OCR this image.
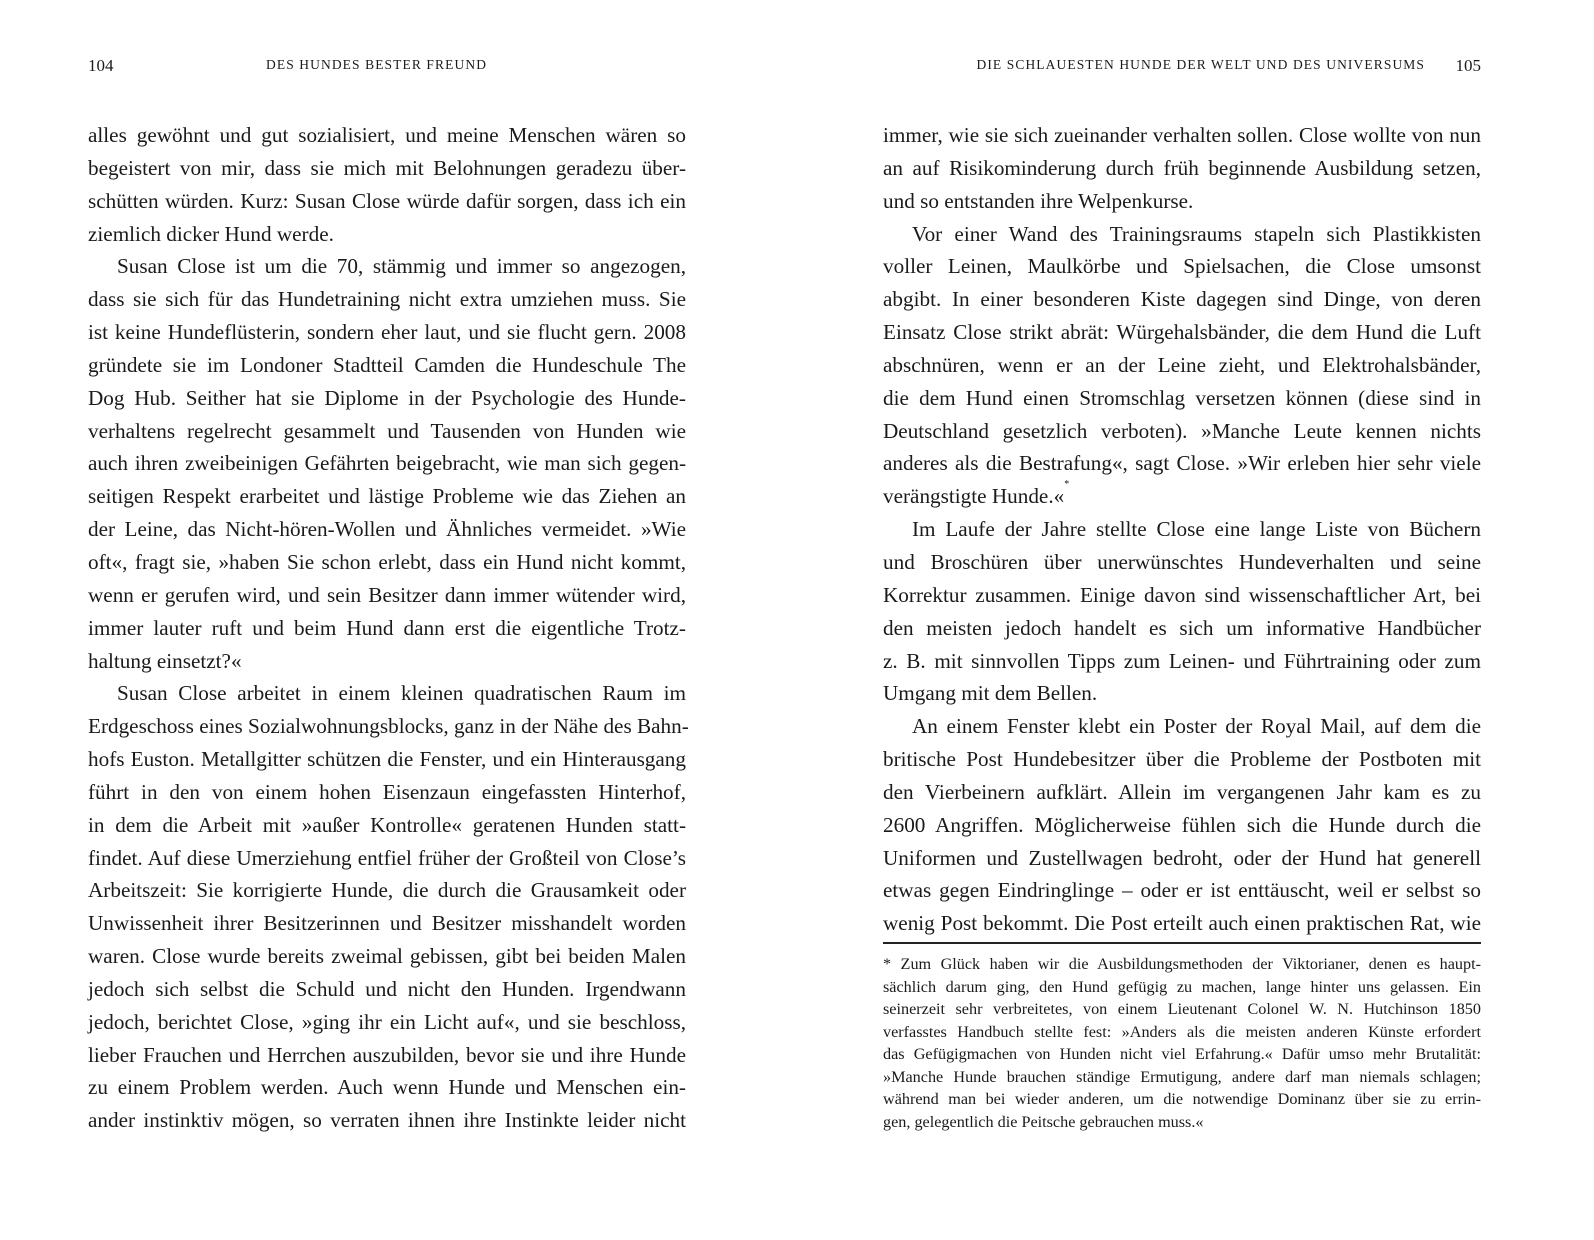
104	DES HUNDES BESTER FREUND
alles gewöhnt und gut sozialisiert, und meine Menschen wären so
begeistert von mir, dass sie mich mit Belohnungen geradezu über-
schütten würden. Kurz: Susan Close würde dafür sorgen, dass ich ein
ziemlich dicker Hund werde.
Susan Close ist um die 70, stämmig und immer so angezogen,
dass sie sich für das Hundetraining nicht extra umziehen muss. Sie
ist keine Hundeflüsterin, sondern eher laut, und sie flucht gern. 2008
gründete sie im Londoner Stadtteil Camden die Hundeschule The
Dog Hub. Seither hat sie Diplome in der Psychologie des Hunde-
verhaltens regelrecht gesammelt und Tausenden von Hunden wie
auch ihren zweibeinigen Gefährten beigebracht, wie man sich gegen-
seitigen Respekt erarbeitet und lästige Probleme wie das Ziehen an
der Leine, das Nicht-hören-Wollen und Ähnliches vermeidet. »Wie
oft«, fragt sie, »haben Sie schon erlebt, dass ein Hund nicht kommt,
wenn er gerufen wird, und sein Besitzer dann immer wütender wird,
immer lauter ruft und beim Hund dann erst die eigentliche Trotz-
haltung einsetzt?«
Susan Close arbeitet in einem kleinen quadratischen Raum im
Erdgeschoss eines Sozialwohnungsblocks, ganz in der Nähe des Bahn-
hofs Euston. Metallgitter schützen die Fenster, und ein Hinterausgang
führt in den von einem hohen Eisenzaun eingefassten Hinterhof,
in dem die Arbeit mit »außer Kontrolle« geratenen Hunden statt-
findet. Auf diese Umerziehung entfiel früher der Großteil von Close’s
Arbeitszeit: Sie korrigierte Hunde, die durch die Grausamkeit oder
Unwissenheit ihrer Besitzerinnen und Besitzer misshandelt worden
waren. Close wurde bereits zweimal gebissen, gibt bei beiden Malen
jedoch sich selbst die Schuld und nicht den Hunden. Irgendwann
jedoch, berichtet Close, »ging ihr ein Licht auf«, und sie beschloss,
lieber Frauchen und Herrchen auszubilden, bevor sie und ihre Hunde
zu einem Problem werden. Auch wenn Hunde und Menschen ein-
ander instinktiv mögen, so verraten ihnen ihre Instinkte leider nicht
DIE SCHLAUESTEN HUNDE DER WELT UND DES UNIVERSUMS 105
immer, wie sie sich zueinander verhalten sollen. Close wollte von nun
an auf Risikominderung durch früh beginnende Ausbildung setzen,
und so entstanden ihre Welpenkurse.
Vor einer Wand des Trainingsraums stapeln sich Plastikkisten
voller Leinen, Maulkörbe und Spielsachen, die Close umsonst
abgibt. In einer besonderen Kiste dagegen sind Dinge, von deren
Einsatz Close strikt abrät: Würgehalsbänder, die dem Hund die Luft
abschnüren, wenn er an der Leine zieht, und Elektrohalsbänder,
die dem Hund einen Stromschlag versetzen können (diese sind in
Deutschland gesetzlich verboten). »Manche Leute kennen nichts
anderes als die Bestrafung«, sagt Close. »Wir erleben hier sehr viele
verängstigte Hunde.«*
Im Laufe der Jahre stellte Close eine lange Liste von Büchern
und Broschüren über unerwünschtes Hundeverhalten und seine
Korrektur zusammen. Einige davon sind wissenschaftlicher Art, bei
den meisten jedoch handelt es sich um informative Handbücher
z. B. mit sinnvollen Tipps zum Leinen- und Führtraining oder zum
Umgang mit dem Bellen.
An einem Fenster klebt ein Poster der Royal Mail, auf dem die
britische Post Hundebesitzer über die Probleme der Postboten mit
den Vierbeinern aufklärt. Allein im vergangenen Jahr kam es zu
2600 Angriffen. Möglicherweise fühlen sich die Hunde durch die
Uniformen und Zustellwagen bedroht, oder der Hund hat generell
etwas gegen Eindringlinge – oder er ist enttäuscht, weil er selbst so
wenig Post bekommt. Die Post erteilt auch einen praktischen Rat, wie
* Zum Glück haben wir die Ausbildungsmethoden der Viktorianer, denen es haupt-
sächlich darum ging, den Hund gefügig zu machen, lange hinter uns gelassen. Ein
seinerzeit sehr verbreitetes, von einem Lieutenant Colonel W. N. Hutchinson 1850
verfasstes Handbuch stellte fest: »Anders als die meisten anderen Künste erfordert
das Gefügigmachen von Hunden nicht viel Erfahrung.« Dafür umso mehr Brutalität:
»Manche Hunde brauchen ständige Ermutigung, andere darf man niemals schlagen;
während man bei wieder anderen, um die notwendige Dominanz über sie zu errin-
gen, gelegentlich die Peitsche gebrauchen muss.«
